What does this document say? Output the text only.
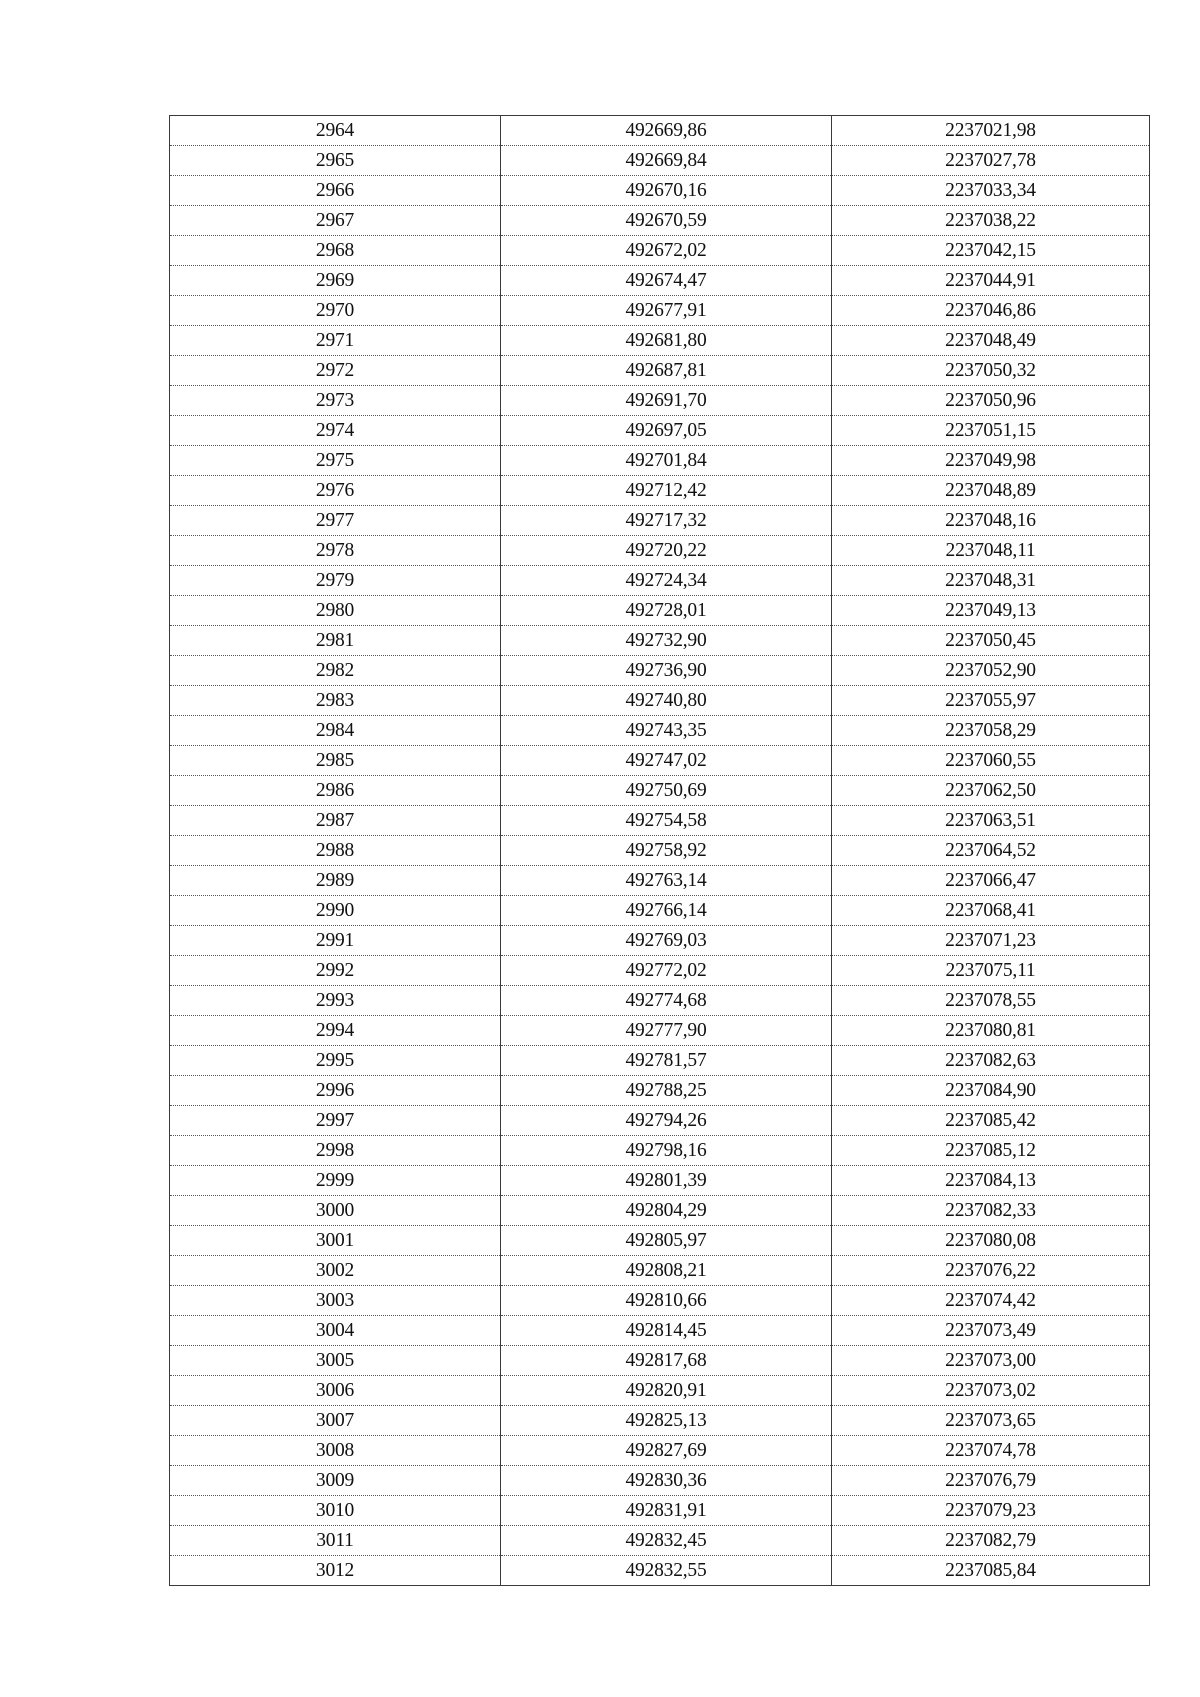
2964	492669,86	2237021,98
2965	492669,84	2237027,78
2966	492670,16	2237033,34
2967	492670,59	2237038,22
2968	492672,02	2237042,15
2969	492674,47	2237044,91
2970	492677,91	2237046,86
2971	492681,80	2237048,49
2972	492687,81	2237050,32
2973	492691,70	2237050,96
2974	492697,05	2237051,15
2975	492701,84	2237049,98
2976	492712,42	2237048,89
2977	492717,32	2237048,16
2978	492720,22	2237048,11
2979	492724,34	2237048,31
2980	492728,01	2237049,13
2981	492732,90	2237050,45
2982	492736,90	2237052,90
2983	492740,80	2237055,97
2984	492743,35	2237058,29
2985	492747,02	2237060,55
2986	492750,69	2237062,50
2987	492754,58	2237063,51
2988	492758,92	2237064,52
2989	492763,14	2237066,47
2990	492766,14	2237068,41
2991	492769,03	2237071,23
2992	492772,02	2237075,11
2993	492774,68	2237078,55
2994	492777,90	2237080,81
2995	492781,57	2237082,63
2996	492788,25	2237084,90
2997	492794,26	2237085,42
2998	492798,16	2237085,12
2999	492801,39	2237084,13
3000	492804,29	2237082,33
3001	492805,97	2237080,08
3002	492808,21	2237076,22
3003	492810,66	2237074,42
3004	492814,45	2237073,49
3005	492817,68	2237073,00
3006	492820,91	2237073,02
3007	492825,13	2237073,65
3008	492827,69	2237074,78
3009	492830,36	2237076,79
3010	492831,91	2237079,23
3011	492832,45	2237082,79
3012	492832,55	2237085,84
